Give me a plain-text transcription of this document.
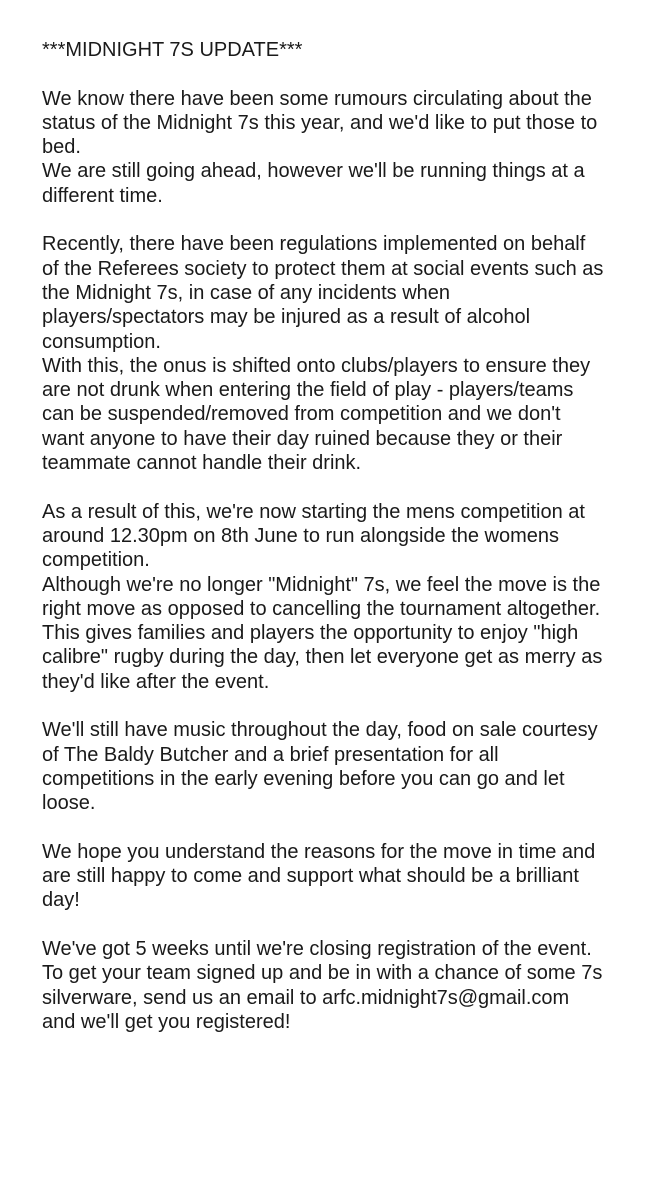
***MIDNIGHT 7S UPDATE***

We know there have been some rumours circulating about the
status of the Midnight 7s this year, and we'd like to put those to
bed.
We are still going ahead, however we'll be running things at a
different time.

Recently, there have been regulations implemented on behalf
of the Referees society to protect them at social events such as
the Midnight 7s, in case of any incidents when
players/spectators may be injured as a result of alcohol
consumption.
With this, the onus is shifted onto clubs/players to ensure they
are not drunk when entering the field of play - players/teams
can be suspended/removed from competition and we don't
want anyone to have their day ruined because they or their
teammate cannot handle their drink.

As a result of this, we're now starting the mens competition at
around 12.30pm on 8th June to run alongside the womens
competition.
Although we're no longer "Midnight" 7s, we feel the move is the
right move as opposed to cancelling the tournament altogether.
This gives families and players the opportunity to enjoy "high
calibre" rugby during the day, then let everyone get as merry as
they'd like after the event.

We'll still have music throughout the day, food on sale courtesy
of The Baldy Butcher and a brief presentation for all
competitions in the early evening before you can go and let
loose.

We hope you understand the reasons for the move in time and
are still happy to come and support what should be a brilliant
day!

We've got 5 weeks until we're closing registration of the event.
To get your team signed up and be in with a chance of some 7s
silverware, send us an email to arfc.midnight7s@gmail.com
and we'll get you registered!
